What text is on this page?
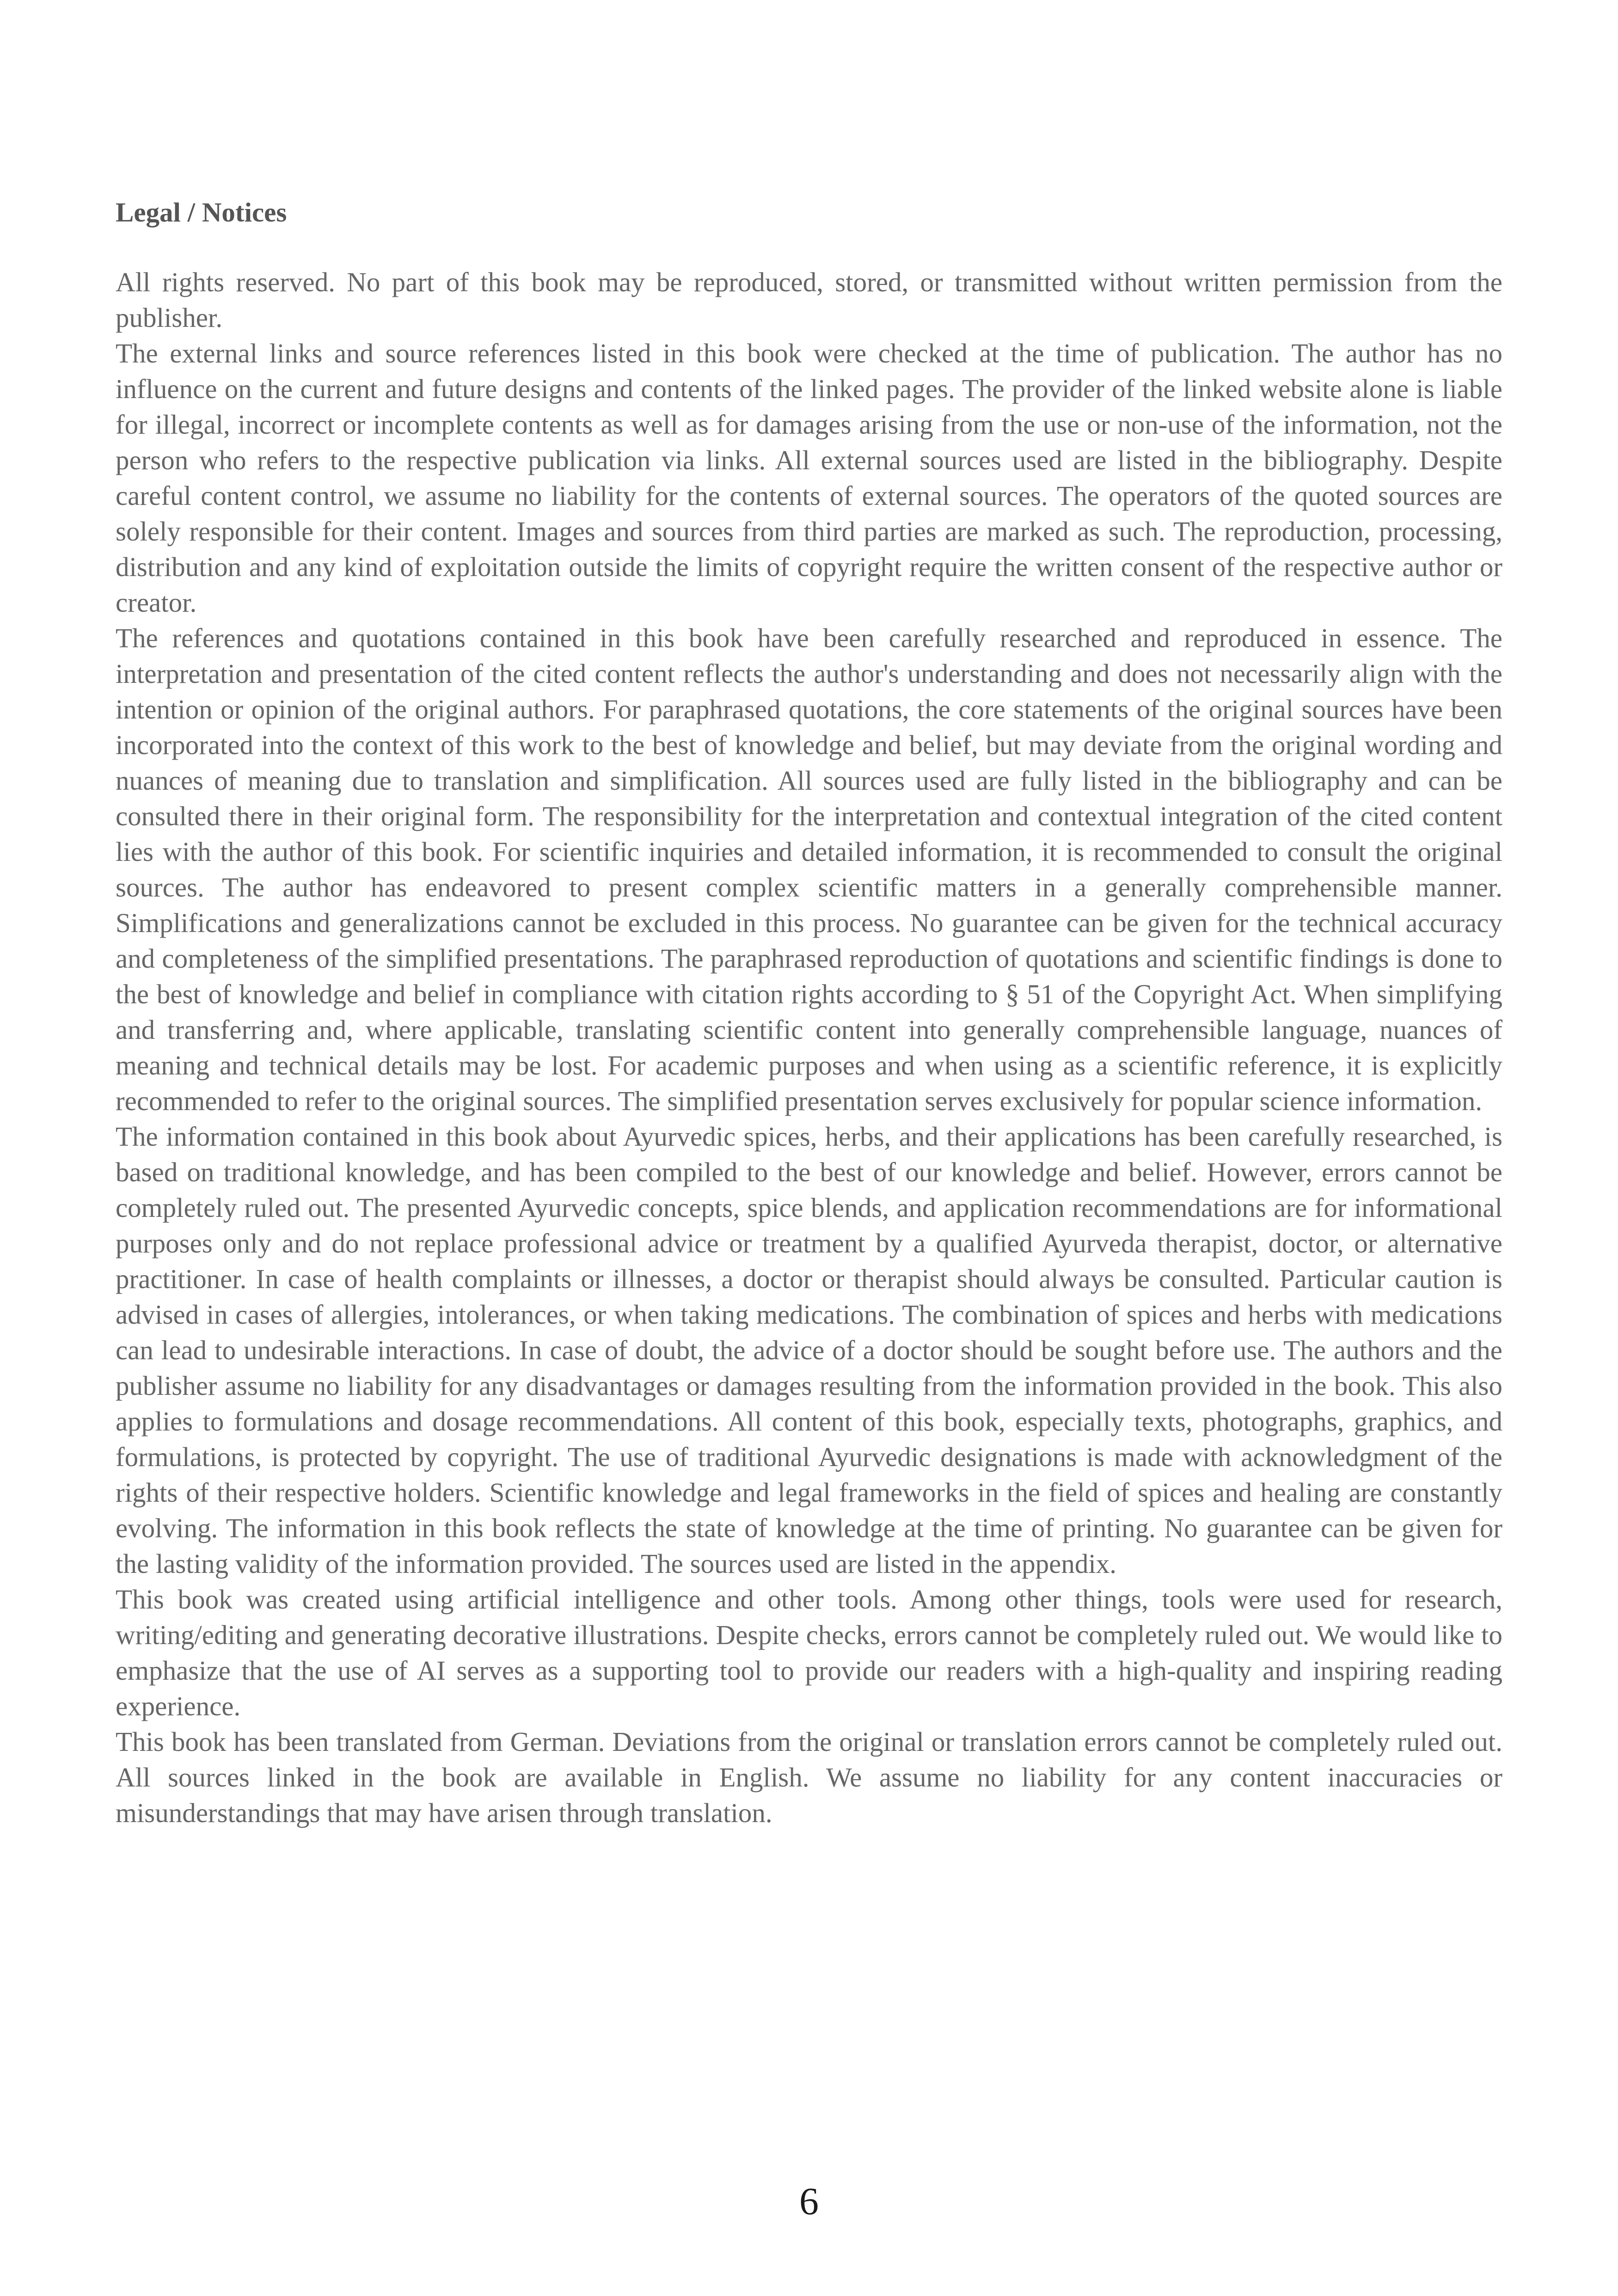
Legal / Notices

All rights reserved. No part of this book may be reproduced, stored, or transmitted without written permission from the publisher.

The external links and source references listed in this book were checked at the time of publication. The author has no influence on the current and future designs and contents of the linked pages. The provider of the linked website alone is liable for illegal, incorrect or incomplete contents as well as for damages arising from the use or non-use of the information, not the person who refers to the respective publication via links. All external sources used are listed in the bibliography. Despite careful content control, we assume no liability for the contents of external sources. The operators of the quoted sources are solely responsible for their content. Images and sources from third parties are marked as such. The reproduction, processing, distribution and any kind of exploitation outside the limits of copyright require the written consent of the respective author or creator.

The references and quotations contained in this book have been carefully researched and reproduced in essence. The interpretation and presentation of the cited content reflects the author's understanding and does not necessarily align with the intention or opinion of the original authors. For paraphrased quotations, the core statements of the original sources have been incorporated into the context of this work to the best of knowledge and belief, but may deviate from the original wording and nuances of meaning due to translation and simplification. All sources used are fully listed in the bibliography and can be consulted there in their original form. The responsibility for the interpretation and contextual integration of the cited content lies with the author of this book. For scientific inquiries and detailed information, it is recommended to consult the original sources. The author has endeavored to present complex scientific matters in a generally comprehensible manner. Simplifications and generalizations cannot be excluded in this process. No guarantee can be given for the technical accuracy and completeness of the simplified presentations. The paraphrased reproduction of quotations and scientific findings is done to the best of knowledge and belief in compliance with citation rights according to § 51 of the Copyright Act. When simplifying and transferring and, where applicable, translating scientific content into generally comprehensible language, nuances of meaning and technical details may be lost. For academic purposes and when using as a scientific reference, it is explicitly recommended to refer to the original sources. The simplified presentation serves exclusively for popular science information.

The information contained in this book about Ayurvedic spices, herbs, and their applications has been carefully researched, is based on traditional knowledge, and has been compiled to the best of our knowledge and belief. However, errors cannot be completely ruled out. The presented Ayurvedic concepts, spice blends, and application recommendations are for informational purposes only and do not replace professional advice or treatment by a qualified Ayurveda therapist, doctor, or alternative practitioner. In case of health complaints or illnesses, a doctor or therapist should always be consulted. Particular caution is advised in cases of allergies, intolerances, or when taking medications. The combination of spices and herbs with medications can lead to undesirable interactions. In case of doubt, the advice of a doctor should be sought before use. The authors and the publisher assume no liability for any disadvantages or damages resulting from the information provided in the book. This also applies to formulations and dosage recommendations. All content of this book, especially texts, photographs, graphics, and formulations, is protected by copyright. The use of traditional Ayurvedic designations is made with acknowledgment of the rights of their respective holders. Scientific knowledge and legal frameworks in the field of spices and healing are constantly evolving. The information in this book reflects the state of knowledge at the time of printing. No guarantee can be given for the lasting validity of the information provided. The sources used are listed in the appendix.

This book was created using artificial intelligence and other tools. Among other things, tools were used for research, writing/editing and generating decorative illustrations. Despite checks, errors cannot be completely ruled out. We would like to emphasize that the use of AI serves as a supporting tool to provide our readers with a high-quality and inspiring reading experience.

This book has been translated from German. Deviations from the original or translation errors cannot be completely ruled out. All sources linked in the book are available in English. We assume no liability for any content inaccuracies or misunderstandings that may have arisen through translation.

6
